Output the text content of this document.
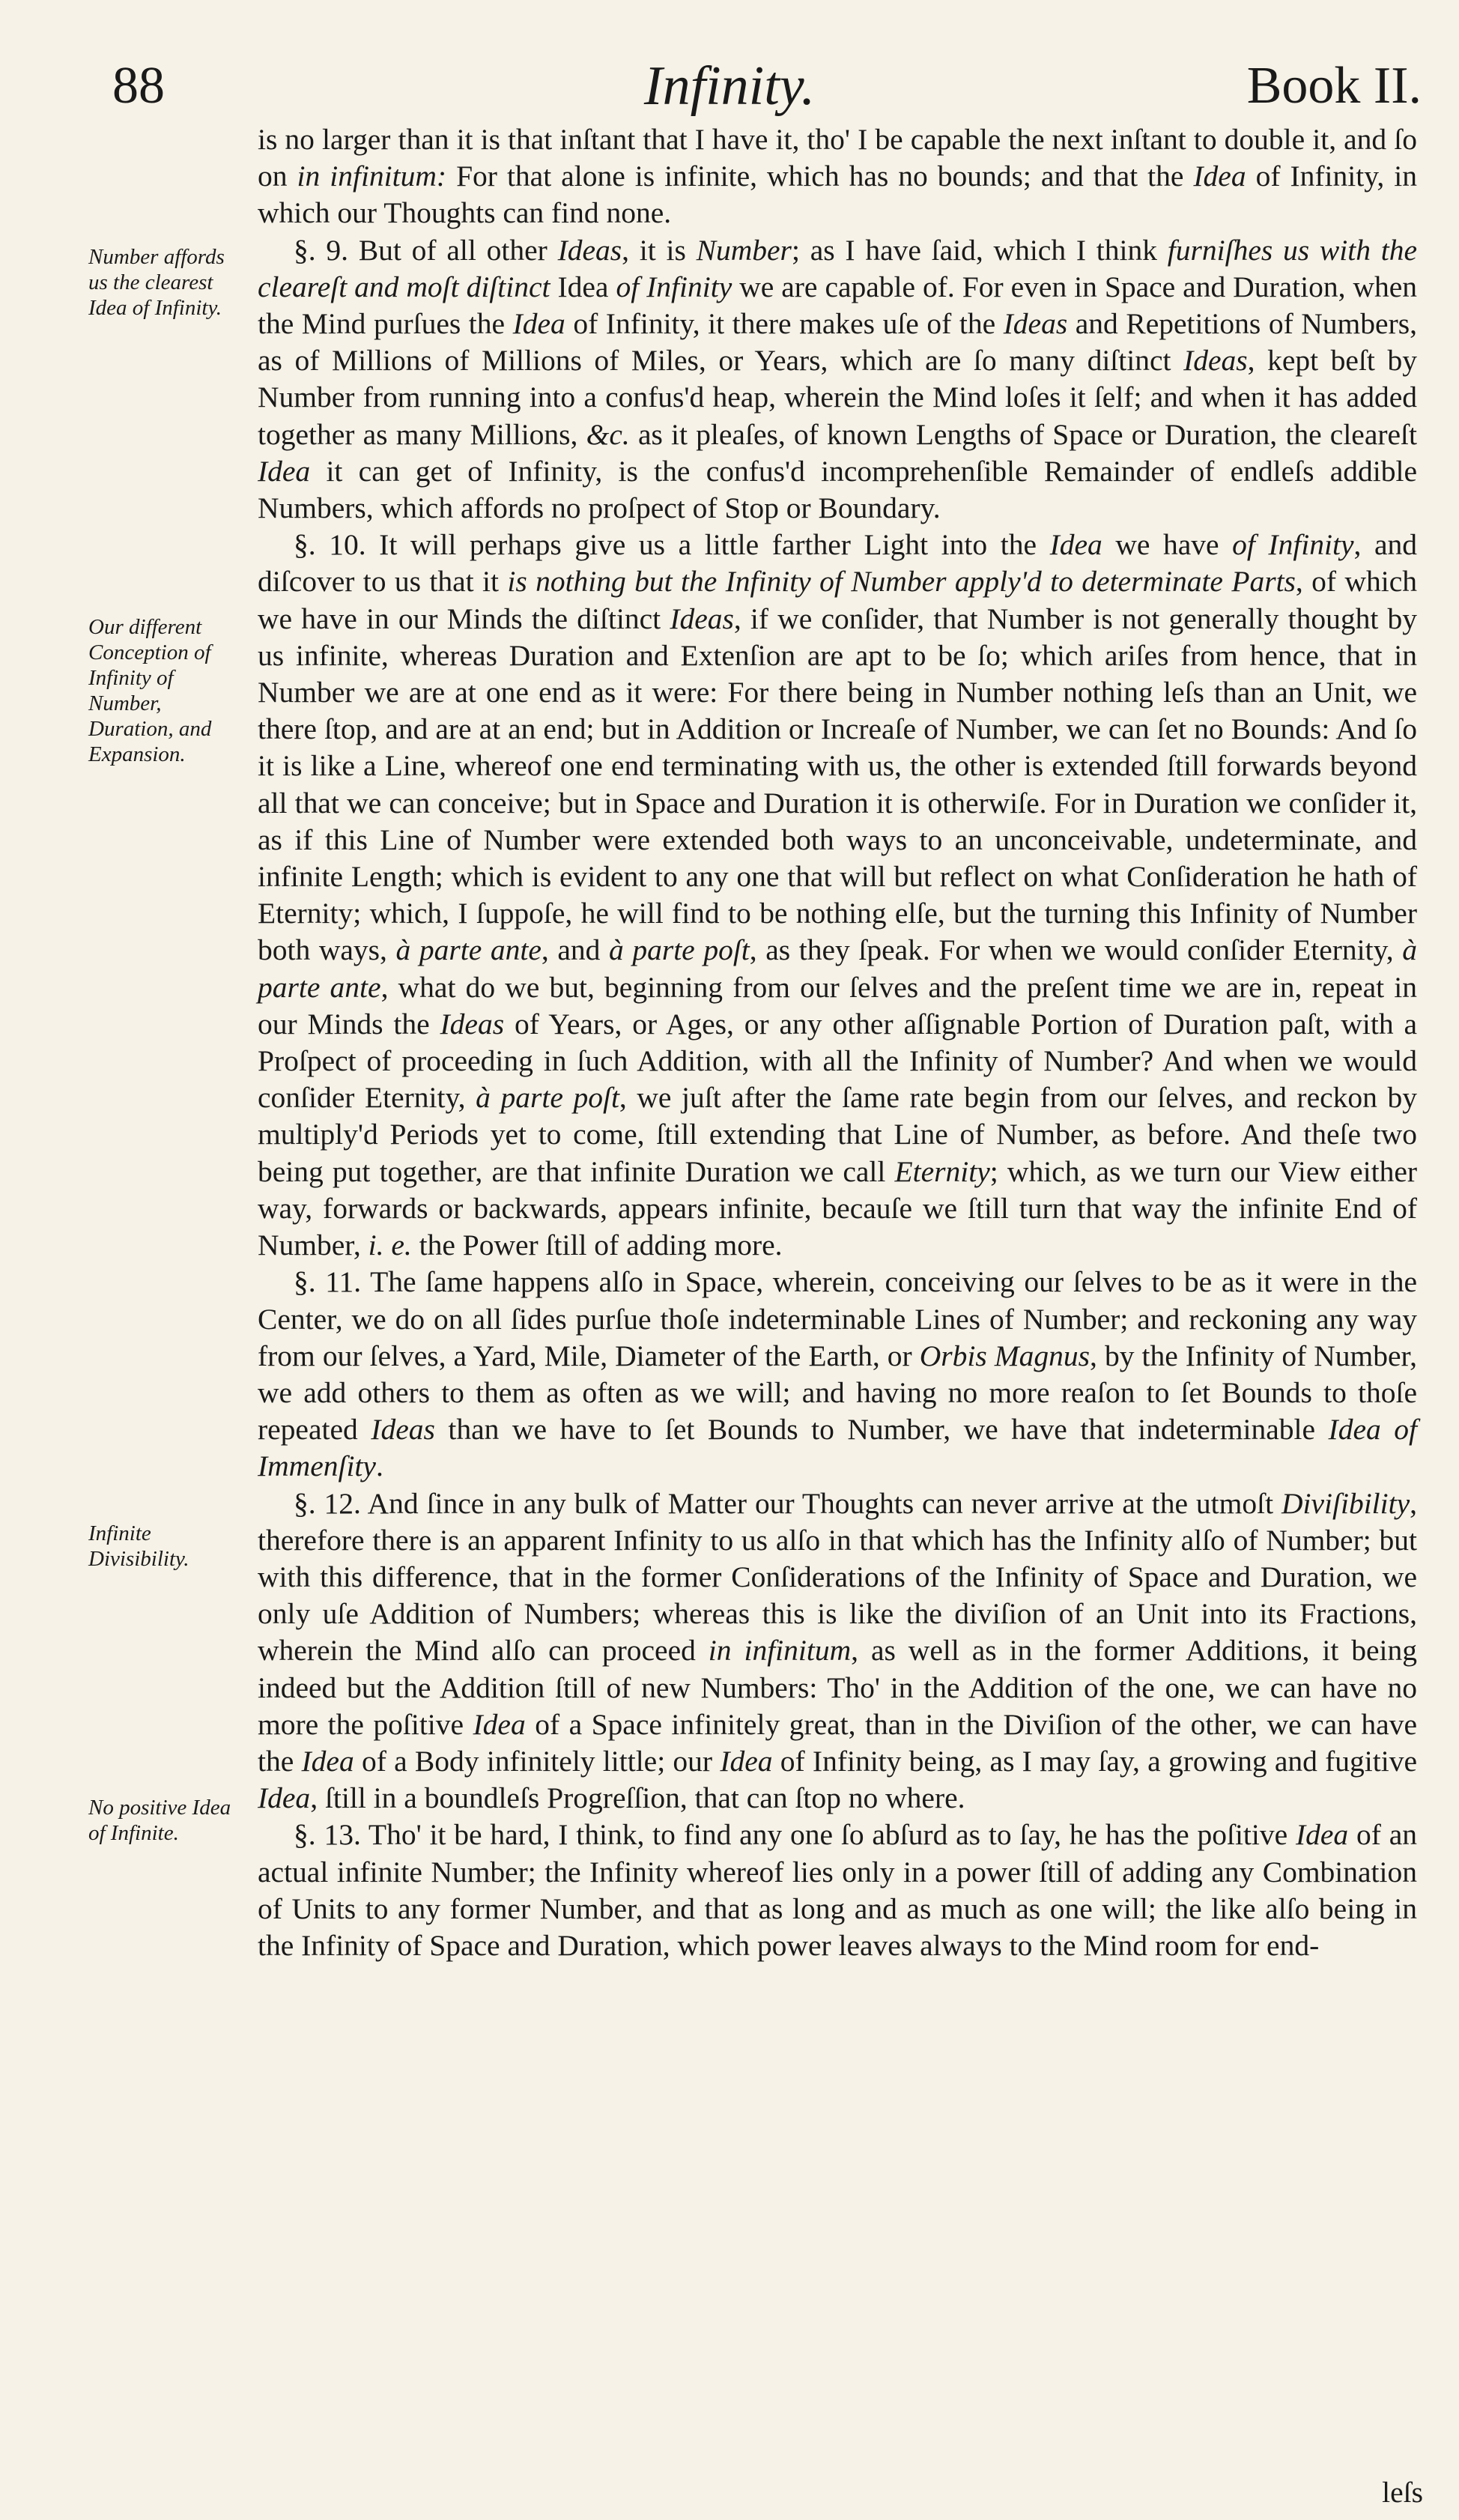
88	Infinity.	Book II.
Number affords us the clearest Idea of Infinity.
Our different Conception of Infinity of Number, Duration, and Expansion.
Infinite Divisibility.
No positive Idea of Infinite.

is no larger than it is that inſtant that I have it, tho' I be capable the next inſtant to double it, and ſo on in infinitum: For that alone is infinite, which has no bounds; and that the Idea of Infinity, in which our Thoughts can find none.

§. 9. But of all other Ideas, it is Number; as I have ſaid, which I think furniſhes us with the cleareſt and moſt diſtinct Idea of Infinity we are capable of. For even in Space and Duration, when the Mind purſues the Idea of Infinity, it there makes uſe of the Ideas and Repetitions of Numbers, as of Millions of Millions of Miles, or Years, which are ſo many diſtinct Ideas, kept beſt by Number from running into a confus'd heap, wherein the Mind loſes it ſelf; and when it has added together as many Millions, &c. as it pleaſes, of known Lengths of Space or Duration, the cleareſt Idea it can get of Infinity, is the confus'd incomprehenſible Remainder of endleſs addible Numbers, which affords no proſpect of Stop or Boundary.

§. 10. It will perhaps give us a little farther Light into the Idea we have of Infinity, and diſcover to us that it is nothing but the Infinity of Number apply'd to determinate Parts, of which we have in our Minds the diſtinct Ideas, if we conſider, that Number is not generally thought by us infinite, whereas Duration and Extenſion are apt to be ſo; which ariſes from hence, that in Number we are at one end as it were: For there being in Number nothing leſs than an Unit, we there ſtop, and are at an end; but in Addition or Increaſe of Number, we can ſet no Bounds: And ſo it is like a Line, whereof one end terminating with us, the other is extended ſtill forwards beyond all that we can conceive; but in Space and Duration it is otherwiſe. For in Duration we conſider it, as if this Line of Number were extended both ways to an unconceivable, undeterminate, and infinite Length; which is evident to any one that will but reflect on what Conſideration he hath of Eternity; which, I ſuppoſe, he will find to be nothing elſe, but the turning this Infinity of Number both ways, à parte ante, and à parte poſt, as they ſpeak. For when we would conſider Eternity, à parte ante, what do we but, beginning from our ſelves and the preſent time we are in, repeat in our Minds the Ideas of Years, or Ages, or any other aſſignable Portion of Duration paſt, with a Proſpect of proceeding in ſuch Addition, with all the Infinity of Number? And when we would conſider Eternity, à parte poſt, we juſt after the ſame rate begin from our ſelves, and reckon by multiply'd Periods yet to come, ſtill extending that Line of Number, as before. And theſe two being put together, are that infinite Duration we call Eternity; which, as we turn our View either way, forwards or backwards, appears infinite, becauſe we ſtill turn that way the infinite End of Number, i. e. the Power ſtill of adding more.

§. 11. The ſame happens alſo in Space, wherein, conceiving our ſelves to be as it were in the Center, we do on all ſides purſue thoſe indeterminable Lines of Number; and reckoning any way from our ſelves, a Yard, Mile, Diameter of the Earth, or Orbis Magnus, by the Infinity of Number, we add others to them as often as we will; and having no more reaſon to ſet Bounds to thoſe repeated Ideas than we have to ſet Bounds to Number, we have that indeterminable Idea of Immenſity.

§. 12. And ſince in any bulk of Matter our Thoughts can never arrive at the utmoſt Diviſibility, therefore there is an apparent Infinity to us alſo in that which has the Infinity alſo of Number; but with this difference, that in the former Conſiderations of the Infinity of Space and Duration, we only uſe Addition of Numbers; whereas this is like the diviſion of an Unit into its Fractions, wherein the Mind alſo can proceed in infinitum, as well as in the former Additions, it being indeed but the Addition ſtill of new Numbers: Tho' in the Addition of the one, we can have no more the poſitive Idea of a Space infinitely great, than in the Diviſion of the other, we can have the Idea of a Body infinitely little; our Idea of Infinity being, as I may ſay, a growing and fugitive Idea, ſtill in a boundleſs Progreſſion, that can ſtop no where.

§. 13. Tho' it be hard, I think, to find any one ſo abſurd as to ſay, he has the poſitive Idea of an actual infinite Number; the Infinity whereof lies only in a power ſtill of adding any Combination of Units to any former Number, and that as long and as much as one will; the like alſo being in the Infinity of Space and Duration, which power leaves always to the Mind room for end-

leſs
